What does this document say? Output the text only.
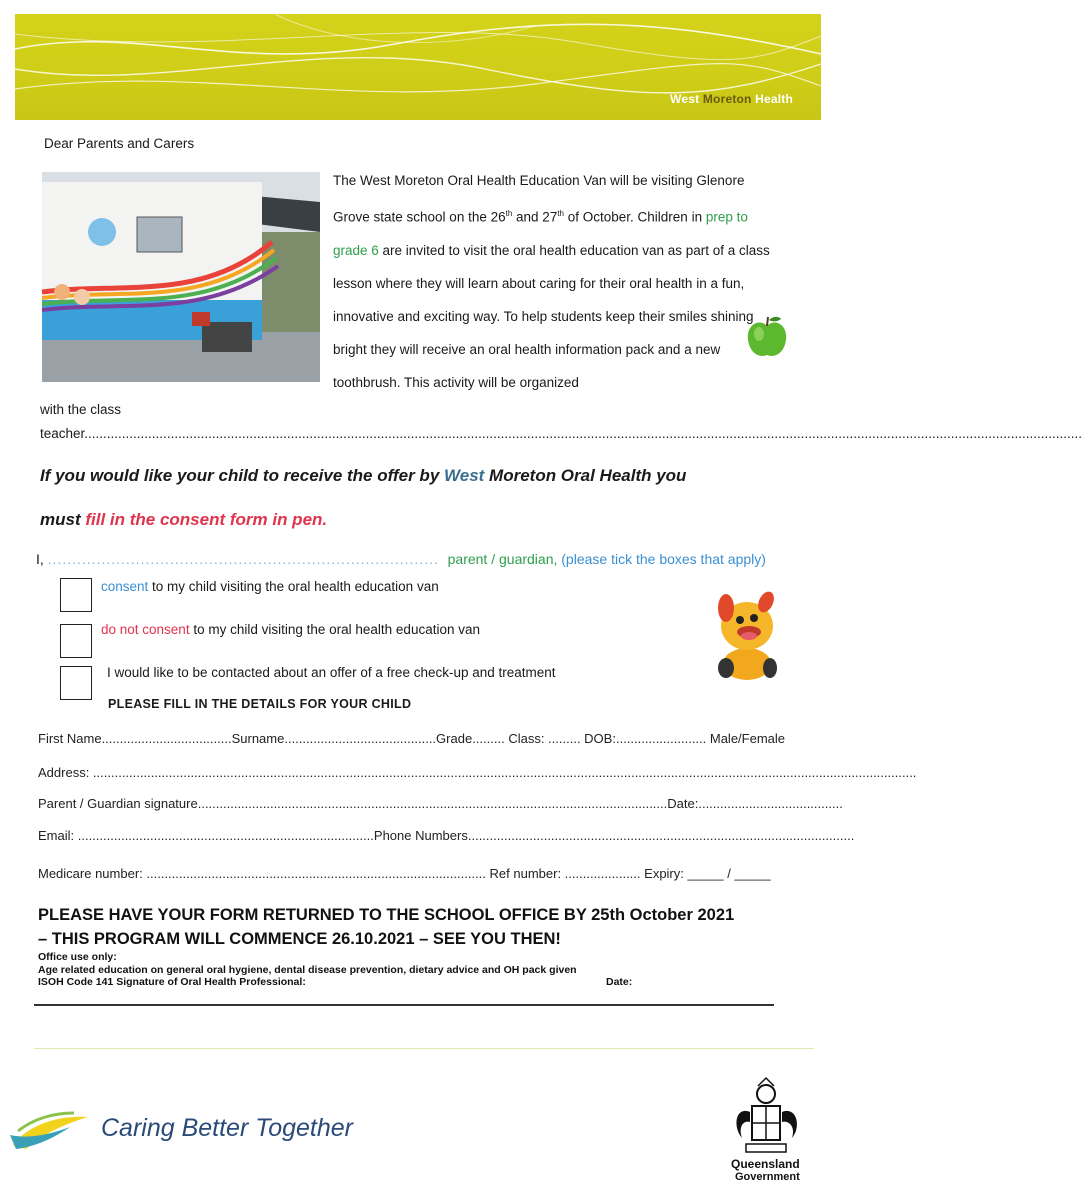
West Moreton Health
Dear Parents and Carers
The West Moreton Oral Health Education Van will be visiting Glenore Grove state school on the 26th and 27th of October. Children in prep to grade 6 are invited to visit the oral health education van as part of a class lesson where they will learn about caring for their oral health in a fun, innovative and exciting way. To help students keep their smiles shining bright they will receive an oral health information pack and a new toothbrush. This activity will be organized
with the class
teacher..........................................................................................................................................................................................................................................................................
If you would like your child to receive the offer by West Moreton Oral Health you
must fill in the consent form in pen.
I, ................................................................................  parent / guardian, (please tick the boxes that apply)
consent to my child visiting the oral health education van
do not consent to my child visiting the oral health education van
I would like to be contacted about an offer of a free check-up and treatment
PLEASE FILL IN THE DETAILS FOR YOUR CHILD
First Name....................................Surname..........................................Grade......... Class: ......... DOB:......................... Male/Female
Address: ....................................................................................................................................................................................................................................
Parent / Guardian signature..................................................................................................................................Date:........................................
Email: ..................................................................................Phone Numbers...........................................................................................................
Medicare number: .............................................................................................. Ref number: ..................... Expiry: _____ / _____
PLEASE HAVE YOUR FORM RETURNED TO THE SCHOOL OFFICE BY 25th October 2021
– THIS PROGRAM WILL COMMENCE 26.10.2021 – SEE YOU THEN!
Office use only:
Age related education on general oral hygiene, dental disease prevention, dietary advice and OH pack given
ISOH Code 141 Signature of Oral Health Professional:	Date:
Caring Better Together
Queensland
Government
